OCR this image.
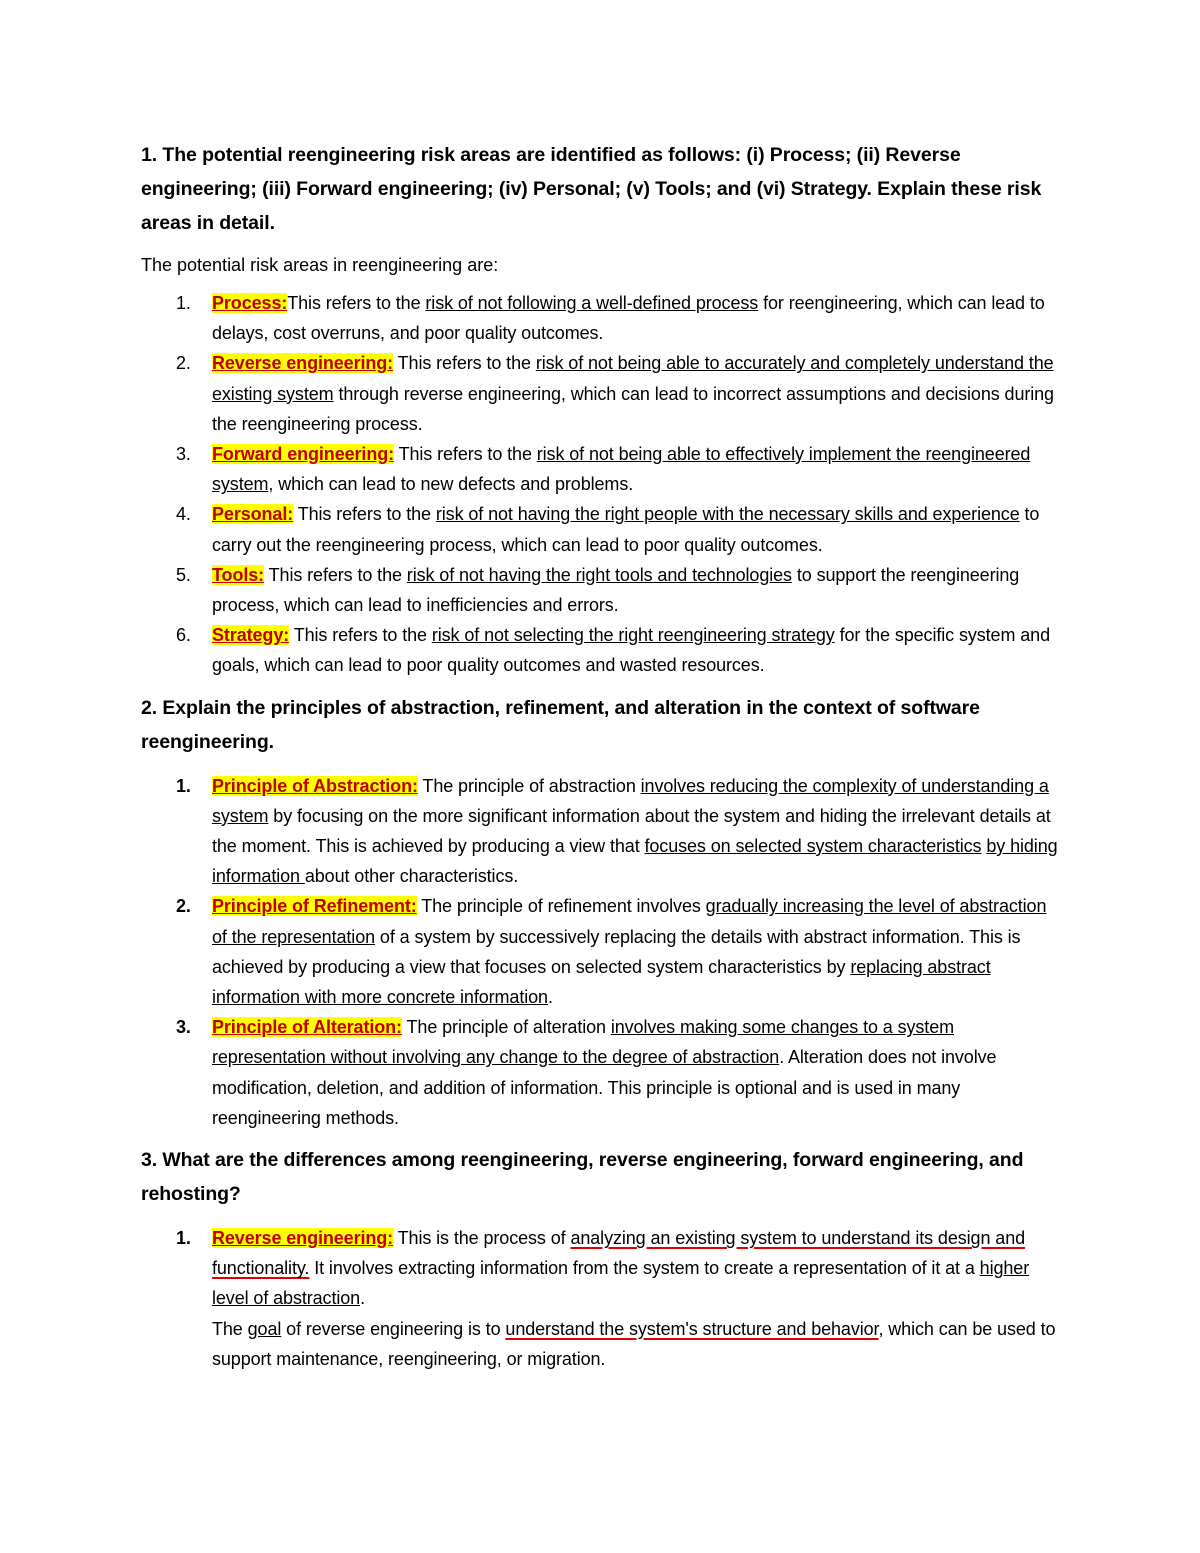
1. The potential reengineering risk areas are identified as follows: (i) Process; (ii) Reverse engineering; (iii) Forward engineering; (iv) Personal; (v) Tools; and (vi) Strategy. Explain these risk areas in detail.

The potential risk areas in reengineering are:

1. Process:This refers to the risk of not following a well-defined process for reengineering, which can lead to delays, cost overruns, and poor quality outcomes.
2. Reverse engineering: This refers to the risk of not being able to accurately and completely understand the existing system through reverse engineering, which can lead to incorrect assumptions and decisions during the reengineering process.
3. Forward engineering: This refers to the risk of not being able to effectively implement the reengineered system, which can lead to new defects and problems.
4. Personal: This refers to the risk of not having the right people with the necessary skills and experience to carry out the reengineering process, which can lead to poor quality outcomes.
5. Tools: This refers to the risk of not having the right tools and technologies to support the reengineering process, which can lead to inefficiencies and errors.
6. Strategy: This refers to the risk of not selecting the right reengineering strategy for the specific system and goals, which can lead to poor quality outcomes and wasted resources.

2. Explain the principles of abstraction, refinement, and alteration in the context of software reengineering.

1. Principle of Abstraction: The principle of abstraction involves reducing the complexity of understanding a system by focusing on the more significant information about the system and hiding the irrelevant details at the moment. This is achieved by producing a view that focuses on selected system characteristics by hiding information about other characteristics.
2. Principle of Refinement: The principle of refinement involves gradually increasing the level of abstraction of the representation of a system by successively replacing the details with abstract information. This is achieved by producing a view that focuses on selected system characteristics by replacing abstract information with more concrete information.
3. Principle of Alteration: The principle of alteration involves making some changes to a system representation without involving any change to the degree of abstraction. Alteration does not involve modification, deletion, and addition of information. This principle is optional and is used in many reengineering methods.

3. What are the differences among reengineering, reverse engineering, forward engineering, and rehosting?

1. Reverse engineering: This is the process of analyzing an existing system to understand its design and functionality. It involves extracting information from the system to create a representation of it at a higher level of abstraction.
The goal of reverse engineering is to understand the system's structure and behavior, which can be used to support maintenance, reengineering, or migration.
